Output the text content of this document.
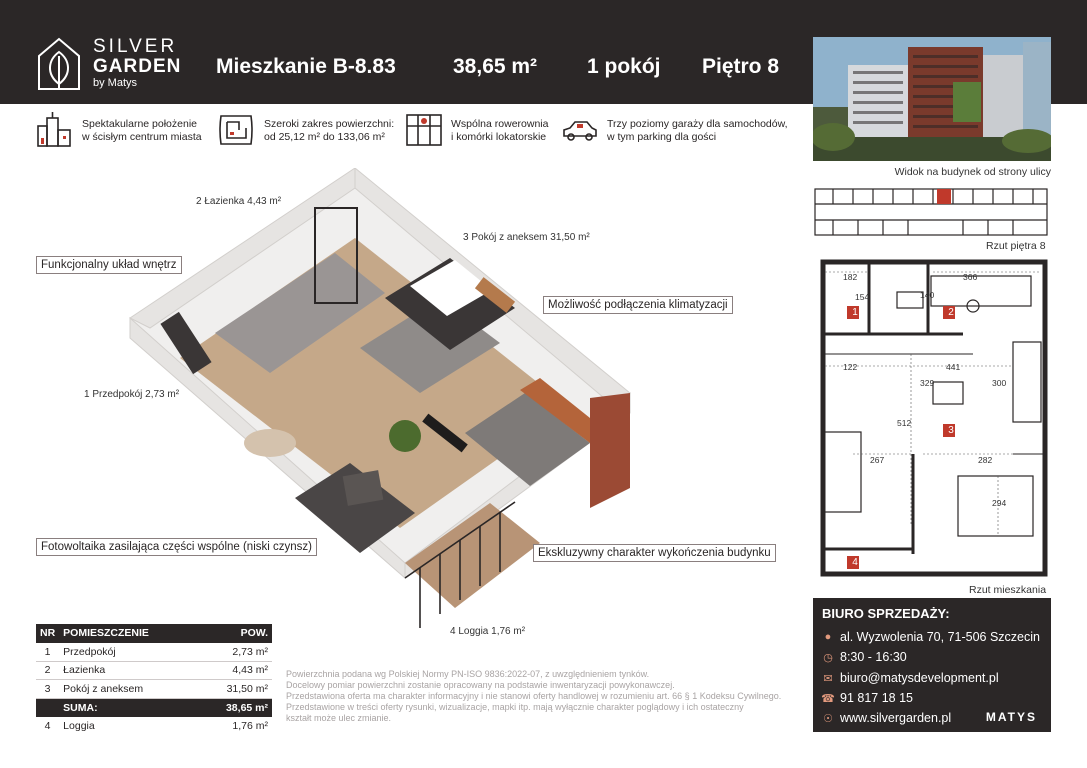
SILVER
GARDEN
by Matys
Mieszkanie B-8.83	38,65 m² 1 pokój Piętro 8
Widok na budynek od strony ulicy
Spektakularne położenie
w ścisłym centrum miasta
Szeroki zakres powierzchni:
od 25,12 m² do 133,06 m²
Wspólna rowerownia
i komórki lokatorskie
Trzy poziomy garaży dla samochodów,
w tym parking dla gości
Funkcjonalny układ wnętrz
Możliwość podłączenia klimatyzacji
Fotowoltaika zasilająca części wspólne (niski czynsz)	Ekskluzywny charakter wykończenia budynku
2 Łazienka 4,43 m²
3 Pokój z aneksem 31,50 m²
1 Przedpokój 2,73 m²
4 Loggia 1,76 m²
Rzut piętra 8
182	366
154	140
122	441
329	300
512
267	282
294
1	2
3
4
Rzut mieszkania
NR	POMIESZCZENIE	POW.
1	Przedpokój	2,73 m²
2	Łazienka	4,43 m²
3	Pokój z aneksem	31,50 m²
	SUMA:	38,65 m²
4	Loggia	1,76 m²

Powierzchnia podana wg Polskiej Normy PN-ISO 9836:2022-07, z uwzględnieniem tynków.

Docelowy pomiar powierzchni zostanie opracowany na podstawie inwentaryzacji powykonawczej.

Przedstawiona oferta ma charakter informacyjny i nie stanowi oferty handlowej w rozumieniu art. 66 § 1 Kodeksu Cywilnego.

Przedstawione w treści oferty rysunki, wizualizacje, mapki itp. mają wyłącznie charakter poglądowy i ich ostateczny

kształt może ulec zmianie.

BIURO SPRZEDAŻY:
● al. Wyzwolenia 70, 71-506 Szczecin
◷ 8:30 - 16:30
✉ biuro@matysdevelopment.pl
☎ 91 817 18 15
☉ www.silvergarden.pl	MATYS
